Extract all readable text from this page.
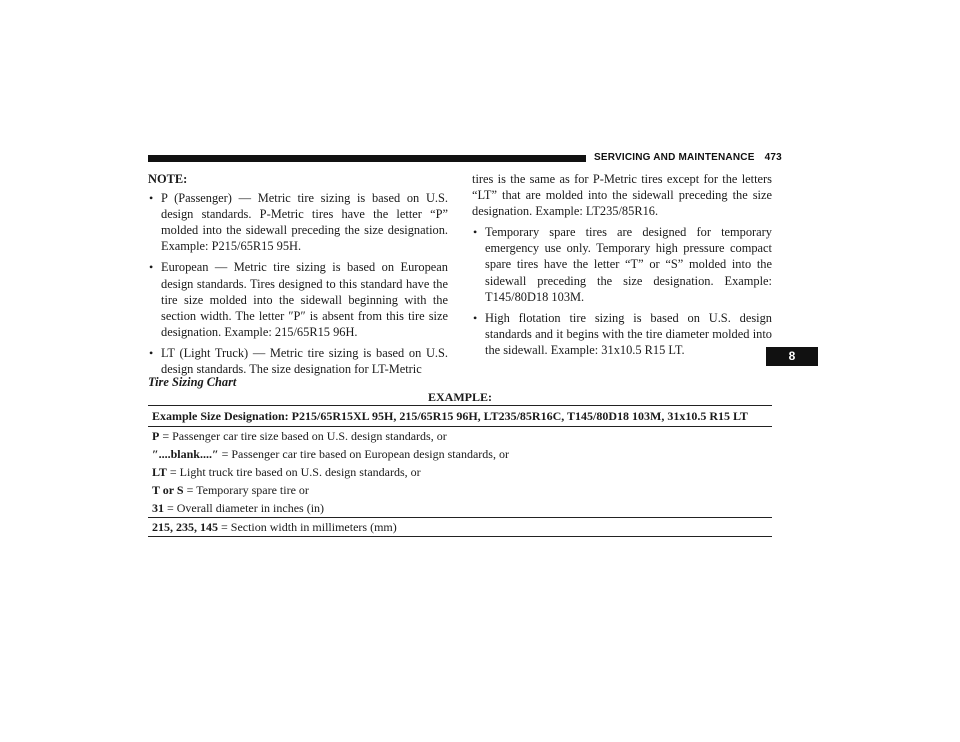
SERVICING AND MAINTENANCE 473
8
NOTE:
• P (Passenger) — Metric tire sizing is based on U.S. design standards. P-Metric tires have the letter “P” molded into the sidewall preceding the size designation. Example: P215/65R15 95H.
• European — Metric tire sizing is based on European design standards. Tires designed to this standard have the tire size molded into the sidewall beginning with the section width. The letter ″P″ is absent from this tire size designation. Example: 215/65R15 96H.
• LT (Light Truck) — Metric tire sizing is based on U.S. design standards. The size designation for LT-Metric
tires is the same as for P-Metric tires except for the letters “LT” that are molded into the sidewall preceding the size designation. Example: LT235/85R16.
• Temporary spare tires are designed for temporary emergency use only. Temporary high pressure compact spare tires have the letter “T” or “S” molded into the sidewall preceding the size designation. Example: T145/80D18 103M.
• High flotation tire sizing is based on U.S. design standards and it begins with the tire diameter molded into the sidewall. Example: 31x10.5 R15 LT.
Tire Sizing Chart
EXAMPLE:
Example Size Designation: P215/65R15XL 95H, 215/65R15 96H, LT235/85R16C, T145/80D18 103M, 31x10.5 R15 LT
P = Passenger car tire size based on U.S. design standards, or
″....blank....″ = Passenger car tire based on European design standards, or
LT = Light truck tire based on U.S. design standards, or
T or S = Temporary spare tire or
31 = Overall diameter in inches (in)
215, 235, 145 = Section width in millimeters (mm)
